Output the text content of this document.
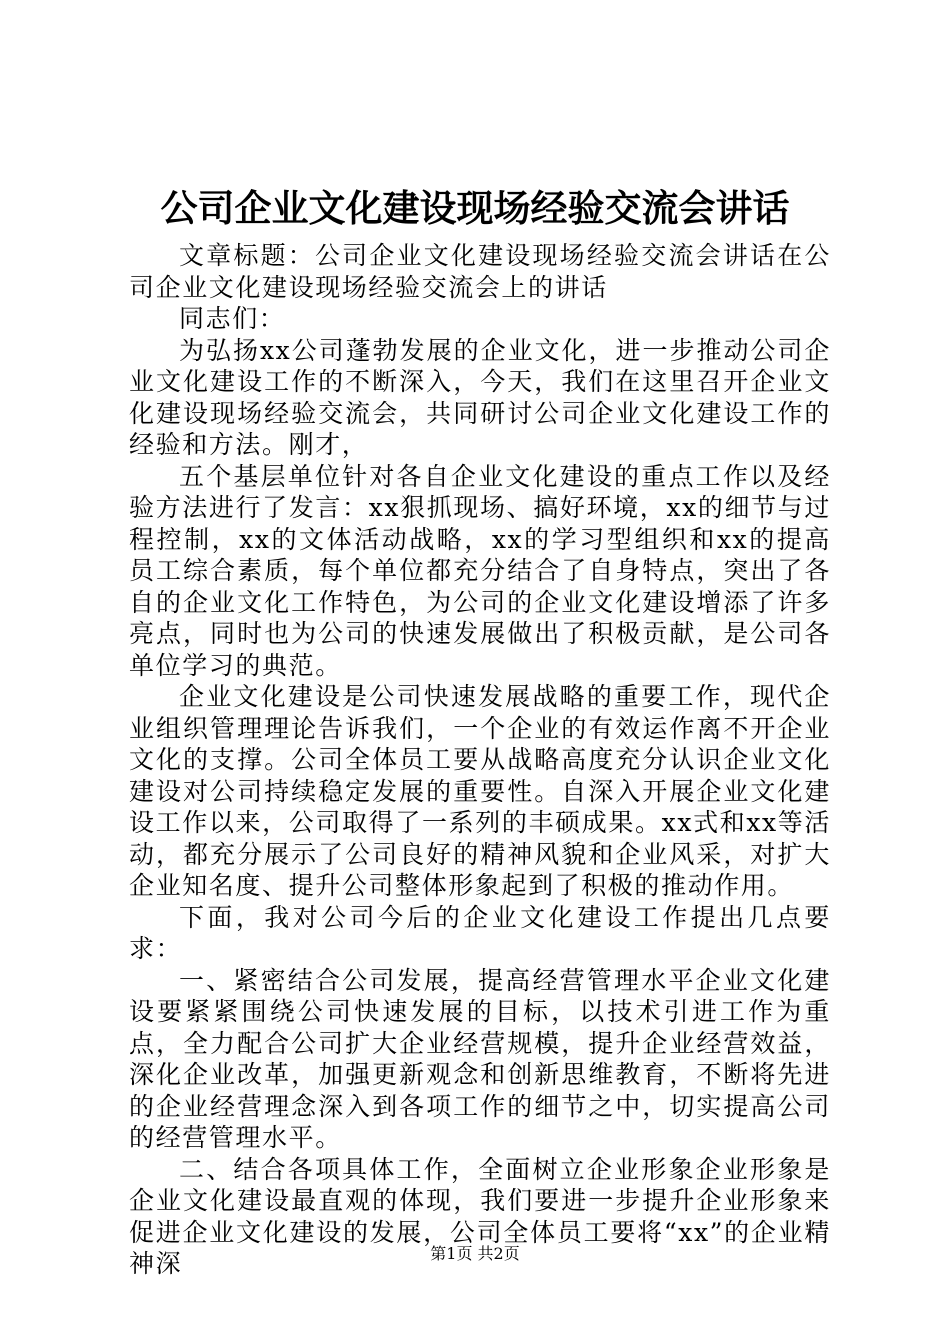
公司企业文化建设现场经验交流会讲话

文章标题：公司企业文化建设现场经验交流会讲话在公司企业文化建设现场经验交流会上的讲话

同志们：

为弘扬xx公司蓬勃发展的企业文化，进一步推动公司企业文化建设工作的不断深入，今天，我们在这里召开企业文化建设现场经验交流会，共同研讨公司企业文化建设工作的经验和方法。刚才，

五个基层单位针对各自企业文化建设的重点工作以及经验方法进行了发言：xx狠抓现场、搞好环境，xx的细节与过程控制，xx的文体活动战略，xx的学习型组织和xx的提高员工综合素质，每个单位都充分结合了自身特点，突出了各自的企业文化工作特色，为公司的企业文化建设增添了许多亮点，同时也为公司的快速发展做出了积极贡献，是公司各单位学习的典范。

企业文化建设是公司快速发展战略的重要工作，现代企业组织管理理论告诉我们，一个企业的有效运作离不开企业文化的支撑。公司全体员工要从战略高度充分认识企业文化建设对公司持续稳定发展的重要性。自深入开展企业文化建设工作以来，公司取得了一系列的丰硕成果。xx式和xx等活动，都充分展示了公司良好的精神风貌和企业风采，对扩大企业知名度、提升公司整体形象起到了积极的推动作用。

下面，我对公司今后的企业文化建设工作提出几点要求：

一、紧密结合公司发展，提高经营管理水平企业文化建设要紧紧围绕公司快速发展的目标，以技术引进工作为重点，全力配合公司扩大企业经营规模，提升企业经营效益，深化企业改革，加强更新观念和创新思维教育，不断将先进的企业经营理念深入到各项工作的细节之中，切实提高公司的经营管理水平。

二、结合各项具体工作，全面树立企业形象企业形象是企业文化建设最直观的体现，我们要进一步提升企业形象来促进企业文化建设的发展，公司全体员工要将“xx”的企业精神深	第1页 共2页
